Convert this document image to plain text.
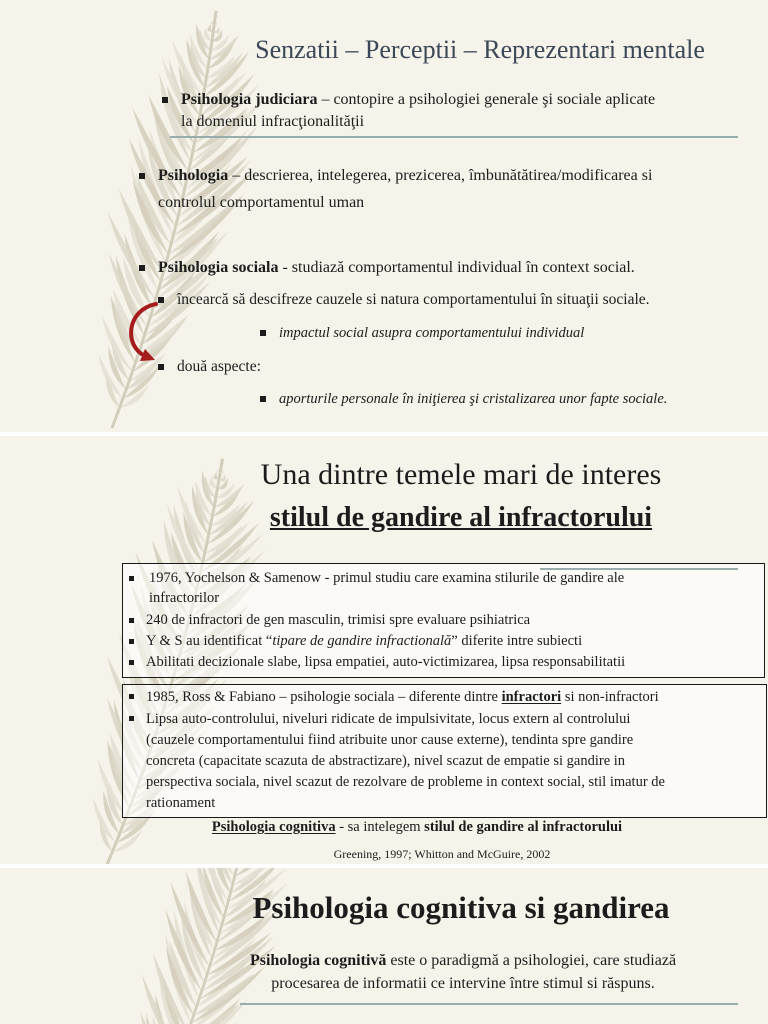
Senzatii – Perceptii – Reprezentari mentale
Psihologia judiciara – contopire a psihologiei generale şi sociale aplicate
la domeniul infracţionalităţii
Psihologia – descrierea, intelegerea, prezicerea, îmbunătătirea/modificarea si
controlul comportamentul uman
Psihologia sociala - studiază comportamentul individual în context social.
încearcă să descifreze cauzele si natura comportamentului în situaţii sociale.
impactul social asupra comportamentului individual
două aspecte:
aporturile personale în iniţierea şi cristalizarea unor fapte sociale.
Una dintre temele mari de interes
stilul de gandire al infractorului
1976, Yochelson & Samenow - primul studiu care examina stilurile de gandire ale
infractorilor
240 de infractori de gen masculin, trimisi spre evaluare psihiatrica
Y & S au identificat “tipare de gandire infractională” diferite intre subiecti
Abilitati decizionale slabe, lipsa empatiei, auto-victimizarea, lipsa responsabilitatii
1985, Ross & Fabiano – psihologie sociala – diferente dintre infractori si non-infractori
Lipsa auto-controlului, niveluri ridicate de impulsivitate, locus extern al controlului
(cauzele comportamentului fiind atribuite unor cause externe), tendinta spre gandire
concreta (capacitate scazuta de abstractizare), nivel scazut de empatie si gandire in
perspectiva sociala, nivel scazut de rezolvare de probleme in context social, stil imatur de
rationament
Psihologia cognitiva - sa intelegem stilul de gandire al infractorului
Greening, 1997; Whitton and McGuire, 2002
Psihologia cognitiva si gandirea
Psihologia cognitivă este o paradigmă a psihologiei, care studiază
procesarea de informatii ce intervine între stimul si răspuns.
